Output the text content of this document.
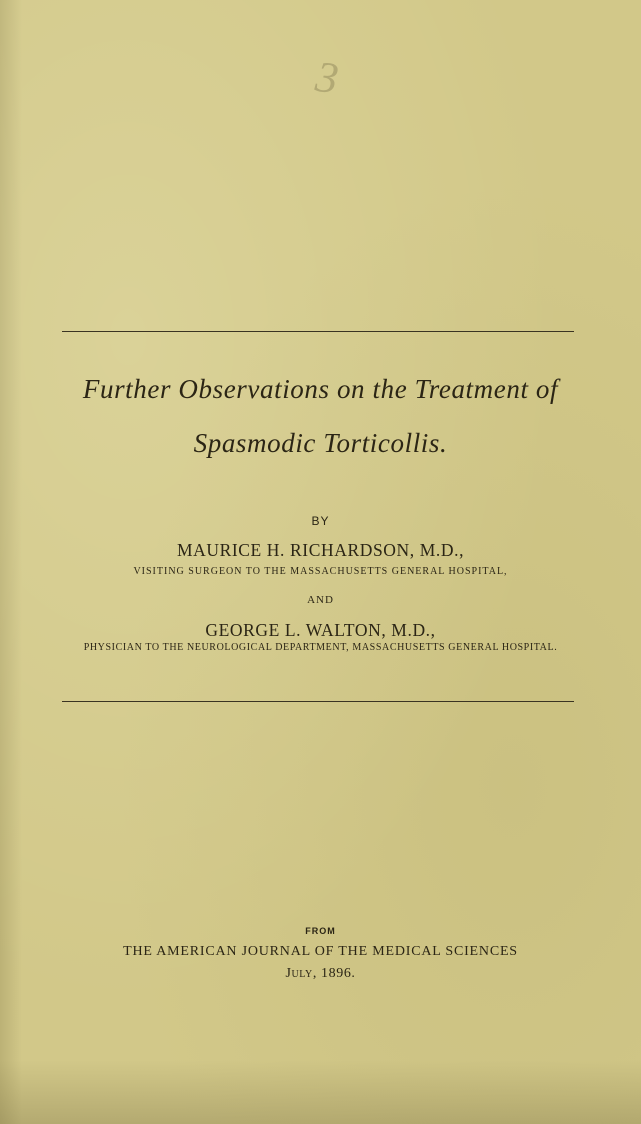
3
Further Observations on the Treatment of
Spasmodic Torticollis.
BY
MAURICE H. RICHARDSON, M.D.,
VISITING SURGEON TO THE MASSACHUSETTS GENERAL HOSPITAL,
AND
GEORGE L. WALTON, M.D.,
PHYSICIAN TO THE NEUROLOGICAL DEPARTMENT, MASSACHUSETTS GENERAL HOSPITAL.
FROM
THE AMERICAN JOURNAL OF THE MEDICAL SCIENCES
July, 1896.
